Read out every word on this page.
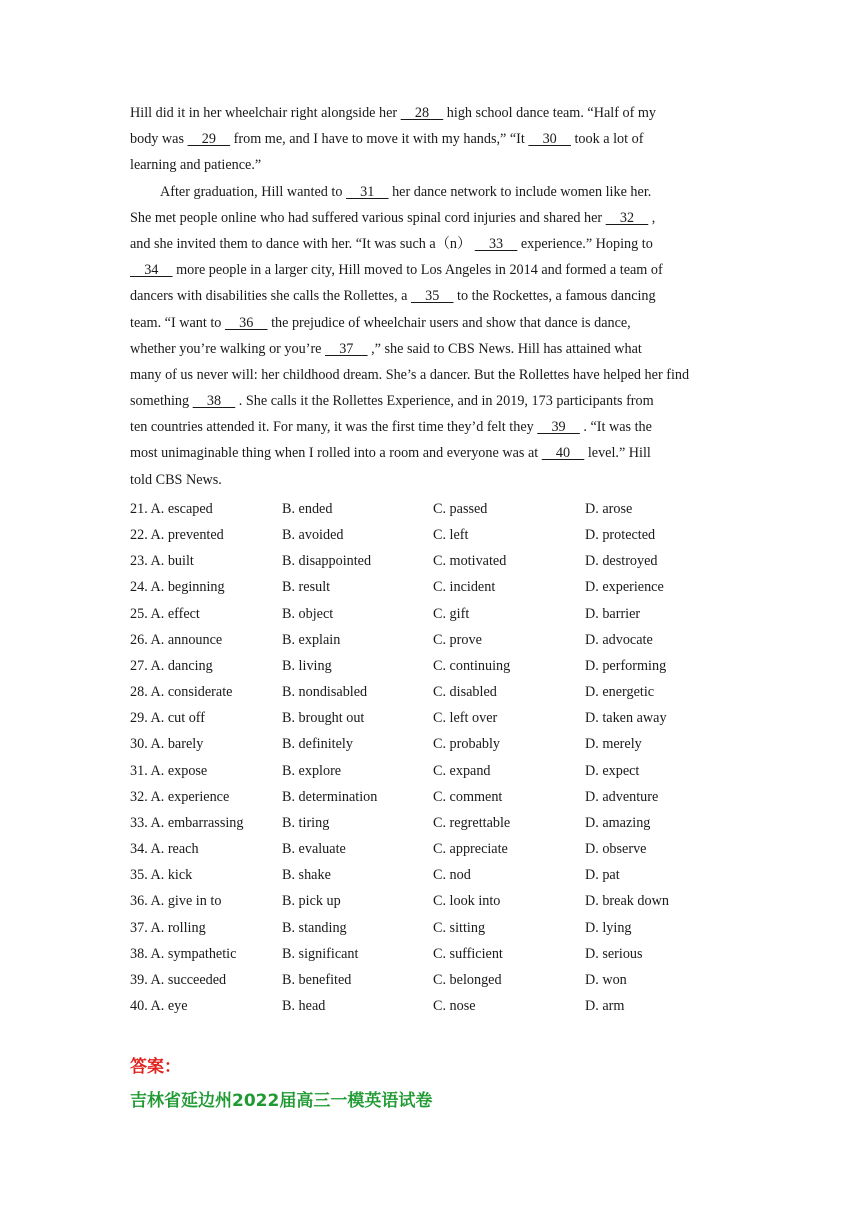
Hill did it in her wheelchair right alongside her     28     high school dance team. “Half of my
body was     29     from me, and I have to move it with my hands,” “It     30     took a lot of
learning and patience.”
After graduation, Hill wanted to     31     her dance network to include women like her.
She met people online who had suffered various spinal cord injuries and shared her     32     ,
and she invited them to dance with her. “It was such a（n）     33     experience.” Hoping to
34     more people in a larger city, Hill moved to Los Angeles in 2014 and formed a team of
dancers with disabilities she calls the Rollettes, a     35     to the Rockettes, a famous dancing
team. “I want to     36     the prejudice of wheelchair users and show that dance is dance,
whether you’re walking or you’re     37     ,” she said to CBS News. Hill has attained what
many of us never will: her childhood dream. She’s a dancer. But the Rollettes have helped her find
something     38     . She calls it the Rollettes Experience, and in 2019, 173 participants from
ten countries attended it. For many, it was the first time they’d felt they     39     . “It was the
most unimaginable thing when I rolled into a room and everyone was at     40     level.” Hill
told CBS News.
21. A. escaped	B. ended	C. passed	D. arose
22. A. prevented	B. avoided	C. left	D. protected
23. A. built	B. disappointed	C. motivated	D. destroyed
24. A. beginning	B. result	C. incident	D. experience
25. A. effect	B. object	C. gift	D. barrier
26. A. announce	B. explain	C. prove	D. advocate
27. A. dancing	B. living	C. continuing	D. performing
28. A. considerate	B. nondisabled	C. disabled	D. energetic
29. A. cut off	B. brought out	C. left over	D. taken away
30. A. barely	B. definitely	C. probably	D. merely
31. A. expose	B. explore	C. expand	D. expect
32. A. experience	B. determination	C. comment	D. adventure
33. A. embarrassing	B. tiring	C. regrettable	D. amazing
34. A. reach	B. evaluate	C. appreciate	D. observe
35. A. kick	B. shake	C. nod	D. pat
36. A. give in to	B. pick up	C. look into	D. break down
37. A. rolling	B. standing	C. sitting	D. lying
38. A. sympathetic	B. significant	C. sufficient	D. serious
39. A. succeeded	B. benefited	C. belonged	D. won
40. A. eye	B. head	C. nose	D. arm
答案：
吉林省延边州2022届高三一模英语试卷
